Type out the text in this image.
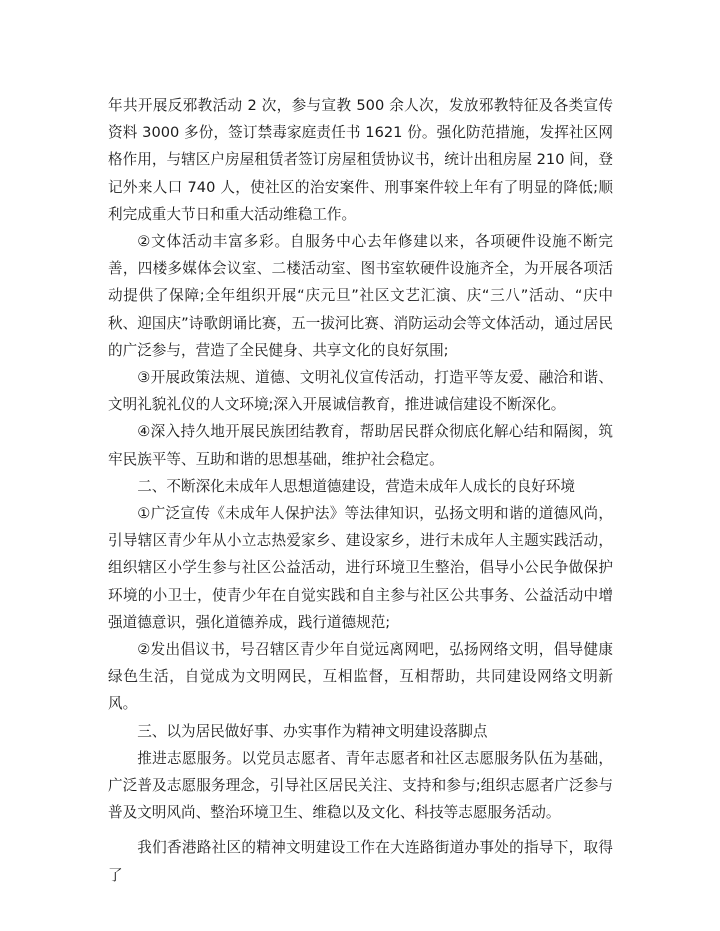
年共开展反邪教活动 2 次，参与宣教 500 余人次，发放邪教特征及各类宣传资料 3000 多份，签订禁毒家庭责任书 1621 份。强化防范措施，发挥社区网格作用，与辖区户房屋租赁者签订房屋租赁协议书，统计出租房屋 210 间，登记外来人口 740 人，使社区的治安案件、刑事案件较上年有了明显的降低;顺利完成重大节日和重大活动维稳工作。

②文体活动丰富多彩。自服务中心去年修建以来，各项硬件设施不断完善，四楼多媒体会议室、二楼活动室、图书室软硬件设施齐全，为开展各项活动提供了保障;全年组织开展“庆元旦”社区文艺汇演、庆“三八”活动、“庆中秋、迎国庆”诗歌朗诵比赛，五一拔河比赛、消防运动会等文体活动，通过居民的广泛参与，营造了全民健身、共享文化的良好氛围;

③开展政策法规、道德、文明礼仪宣传活动，打造平等友爱、融洽和谐、文明礼貌礼仪的人文环境;深入开展诚信教育，推进诚信建设不断深化。

④深入持久地开展民族团结教育，帮助居民群众彻底化解心结和隔阂，筑牢民族平等、互助和谐的思想基础，维护社会稳定。

二、不断深化未成年人思想道德建设，营造未成年人成长的良好环境

①广泛宣传《未成年人保护法》等法律知识，弘扬文明和谐的道德风尚，引导辖区青少年从小立志热爱家乡、建设家乡，进行未成年人主题实践活动，组织辖区小学生参与社区公益活动，进行环境卫生整治，倡导小公民争做保护环境的小卫士，使青少年在自觉实践和自主参与社区公共事务、公益活动中增强道德意识，强化道德养成，践行道德规范;

②发出倡议书，号召辖区青少年自觉远离网吧，弘扬网络文明，倡导健康绿色生活，自觉成为文明网民，互相监督，互相帮助，共同建设网络文明新风。

三、以为居民做好事、办实事作为精神文明建设落脚点

推进志愿服务。以党员志愿者、青年志愿者和社区志愿服务队伍为基础，广泛普及志愿服务理念，引导社区居民关注、支持和参与;组织志愿者广泛参与普及文明风尚、整治环境卫生、维稳以及文化、科技等志愿服务活动。

我们香港路社区的精神文明建设工作在大连路街道办事处的指导下，取得了
